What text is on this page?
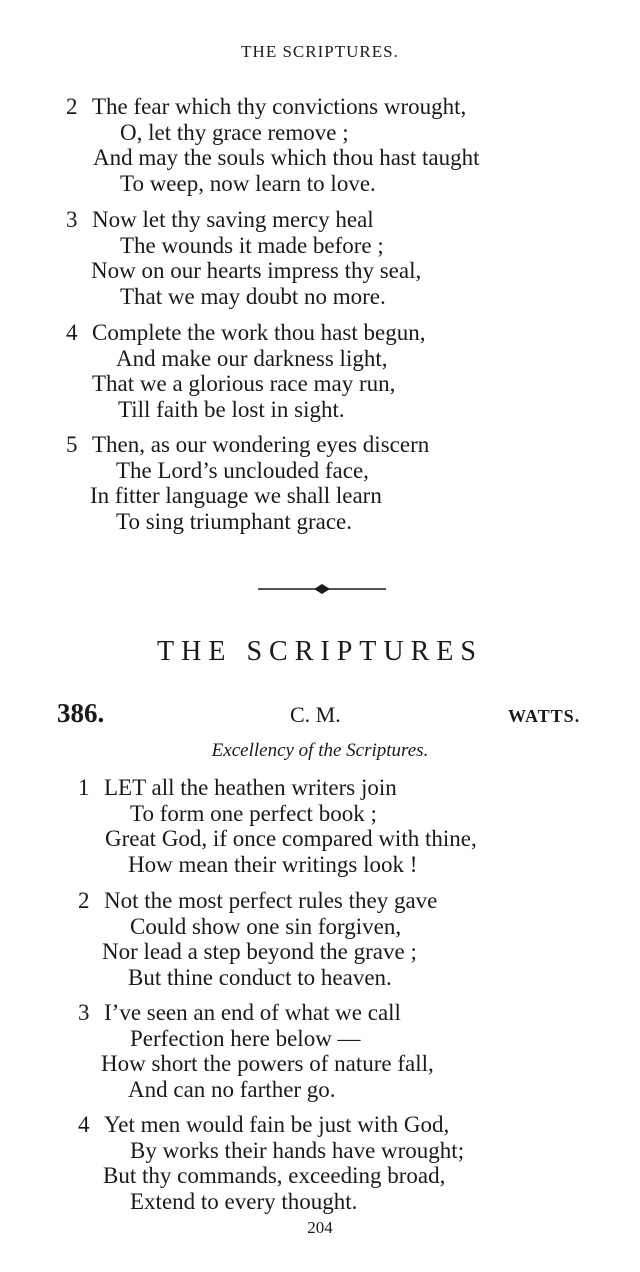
THE SCRIPTURES.
2 The fear which thy convictions wrought,
O, let thy grace remove ;
And may the souls which thou hast taught
To weep, now learn to love.
3 Now let thy saving mercy heal
The wounds it made before ;
Now on our hearts impress thy seal,
That we may doubt no more.
4 Complete the work thou hast begun,
And make our darkness light,
That we a glorious race may run,
Till faith be lost in sight.
5 Then, as our wondering eyes discern
The Lord’s unclouded face,
In fitter language we shall learn
To sing triumphant grace.
THE SCRIPTURES
386.	C. M.	WATTS.
Excellency of the Scriptures.
1 LET all the heathen writers join
To form one perfect book ;
Great God, if once compared with thine,
How mean their writings look !
2 Not the most perfect rules they gave
Could show one sin forgiven,
Nor lead a step beyond the grave ;
But thine conduct to heaven.
3 I’ve seen an end of what we call
Perfection here below —
How short the powers of nature fall,
And can no farther go.
4 Yet men would fain be just with God,
By works their hands have wrought;
But thy commands, exceeding broad,
Extend to every thought.
204
